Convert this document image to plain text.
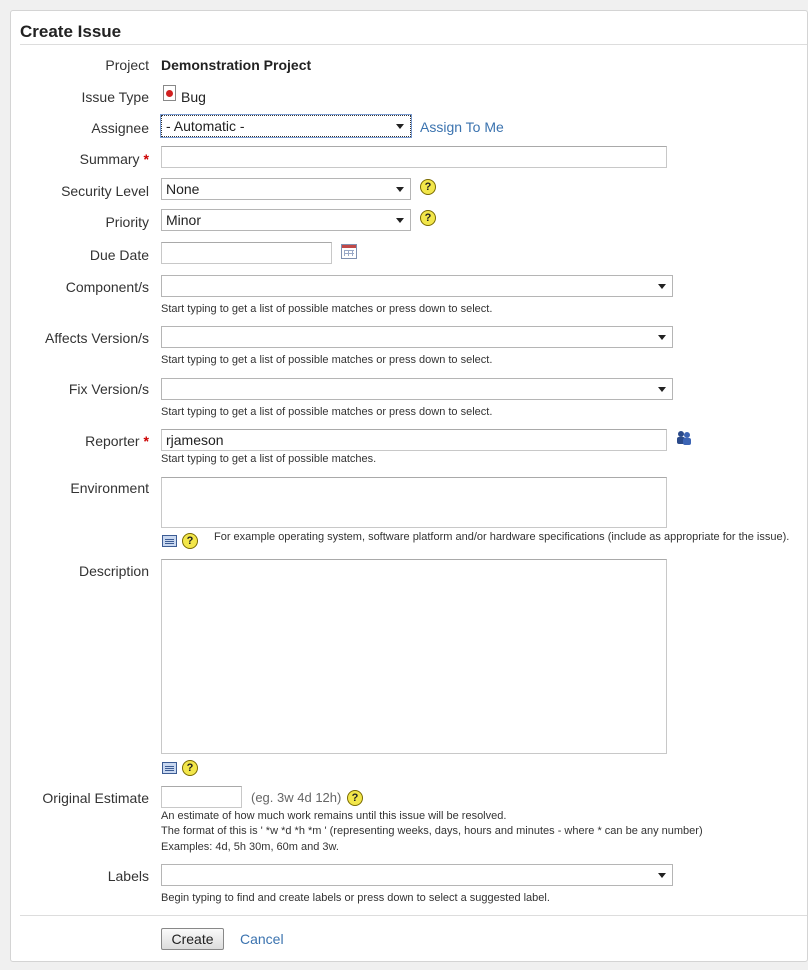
Create Issue
Project Demonstration Project
Issue Type Bug
Assignee	- Automatic -	Assign To Me
Summary *
Security Level	None	?
Priority	Minor	?
Due Date
Component/s
Start typing to get a list of possible matches or press down to select.
Affects Version/s
Start typing to get a list of possible matches or press down to select.
Fix Version/s
Start typing to get a list of possible matches or press down to select.
Reporter *	rjameson
Start typing to get a list of possible matches.
Environment
?	For example operating system, software platform and/or hardware specifications (include as appropriate for the issue).
Description
?
Original Estimate	(eg. 3w 4d 12h) ?
An estimate of how much work remains until this issue will be resolved.
The format of this is ' *w *d *h *m ' (representing weeks, days, hours and minutes - where * can be any number)
Examples: 4d, 5h 30m, 60m and 3w.
Labels
Begin typing to find and create labels or press down to select a suggested label.
Create	Cancel
